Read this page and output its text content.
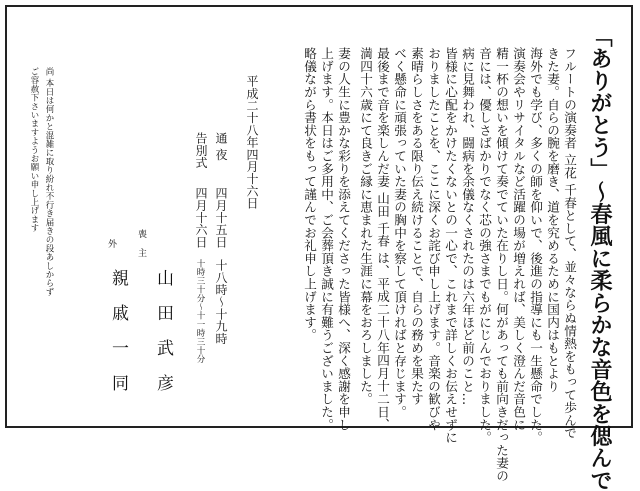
「ありがとう」～春風に柔らかな音色を偲んで
フルートの演奏者 立花 千春として、並々ならぬ情熱をもって歩んで
きた妻。自らの腕を磨き、道を究めるために国内はもとより
海外でも学び、多くの師を仰いで、後進の指導にも一生懸命でした。
演奏会やリサイタルなど活躍の場が増えれば、美しく澄んだ音色に
精一杯の想いを傾けて奏でていた在りし日。何があっても前向きだった妻の
音には、優しさばかりでなく芯の強さまでもがにじんでおりました。
病に見舞われ、闘病を余儀なくされたのは六年ほど前のこと…
皆様に心配をかけたくないとの一心で、これまで詳しくお伝えせずに
おりましたことを、ここに深くお詫び申し上げます。音楽の歓びや
素晴らしさをある限り伝え続けることで、自らの務めを果たす
べく懸命に頑張っていた妻の胸中を察して頂ければと存じます。
最後まで音を楽しんだ妻 山田 千春 は、平成二十八年四月十二日、
満四十六歳にて良きご縁に恵まれた生涯に幕をおろしました。
妻の人生に豊かな彩りを添えてくださった皆様へ、深く感謝を申し
上げます。本日はご多用中、ご会葬頂き誠に有難うございました。
略儀ながら書状をもって謹んでお礼申し上げます。
平成二十八年四月十六日
通 夜
四月十五日
十八時～十九時
告別式
四月十六日
十時三十分～十一時三十分
喪主
山田武彦
外
親戚一同
尚 本日は何かと混雑に取り紛れ不行き届きの段あしからず
ご容赦下さいますようお願い申し上げます
